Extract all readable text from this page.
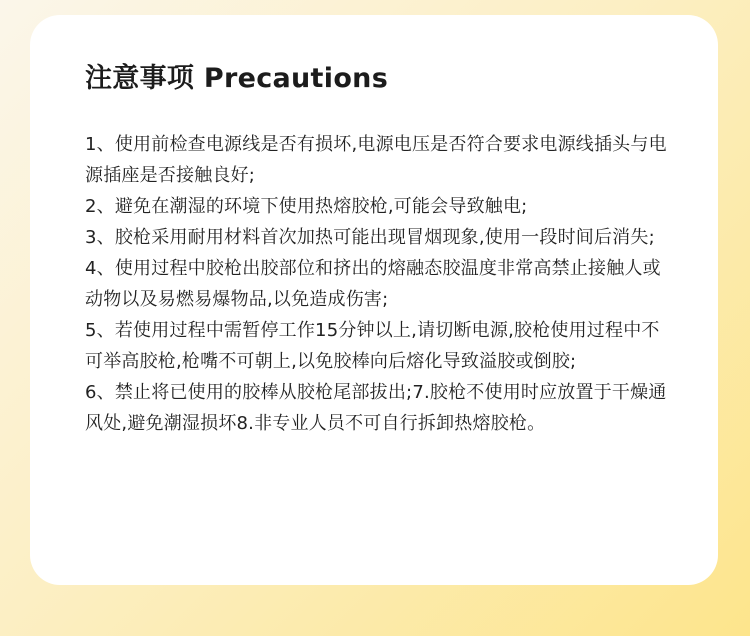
注意事项 Precautions

1、使用前检查电源线是否有损坏,电源电压是否符合要求电源线插头与电源插座是否接触良好;

2、避免在潮湿的环境下使用热熔胶枪,可能会导致触电;

3、胶枪采用耐用材料首次加热可能出现冒烟现象,使用一段时间后消失;

4、使用过程中胶枪出胶部位和挤出的熔融态胶温度非常高禁止接触人或动物以及易燃易爆物品,以免造成伤害;

5、若使用过程中需暂停工作15分钟以上,请切断电源,胶枪使用过程中不可举高胶枪,枪嘴不可朝上,以免胶棒向后熔化导致溢胶或倒胶;

6、禁止将已使用的胶棒从胶枪尾部拔出;7.胶枪不使用时应放置于干燥通风处,避免潮湿损坏8.非专业人员不可自行拆卸热熔胶枪。
